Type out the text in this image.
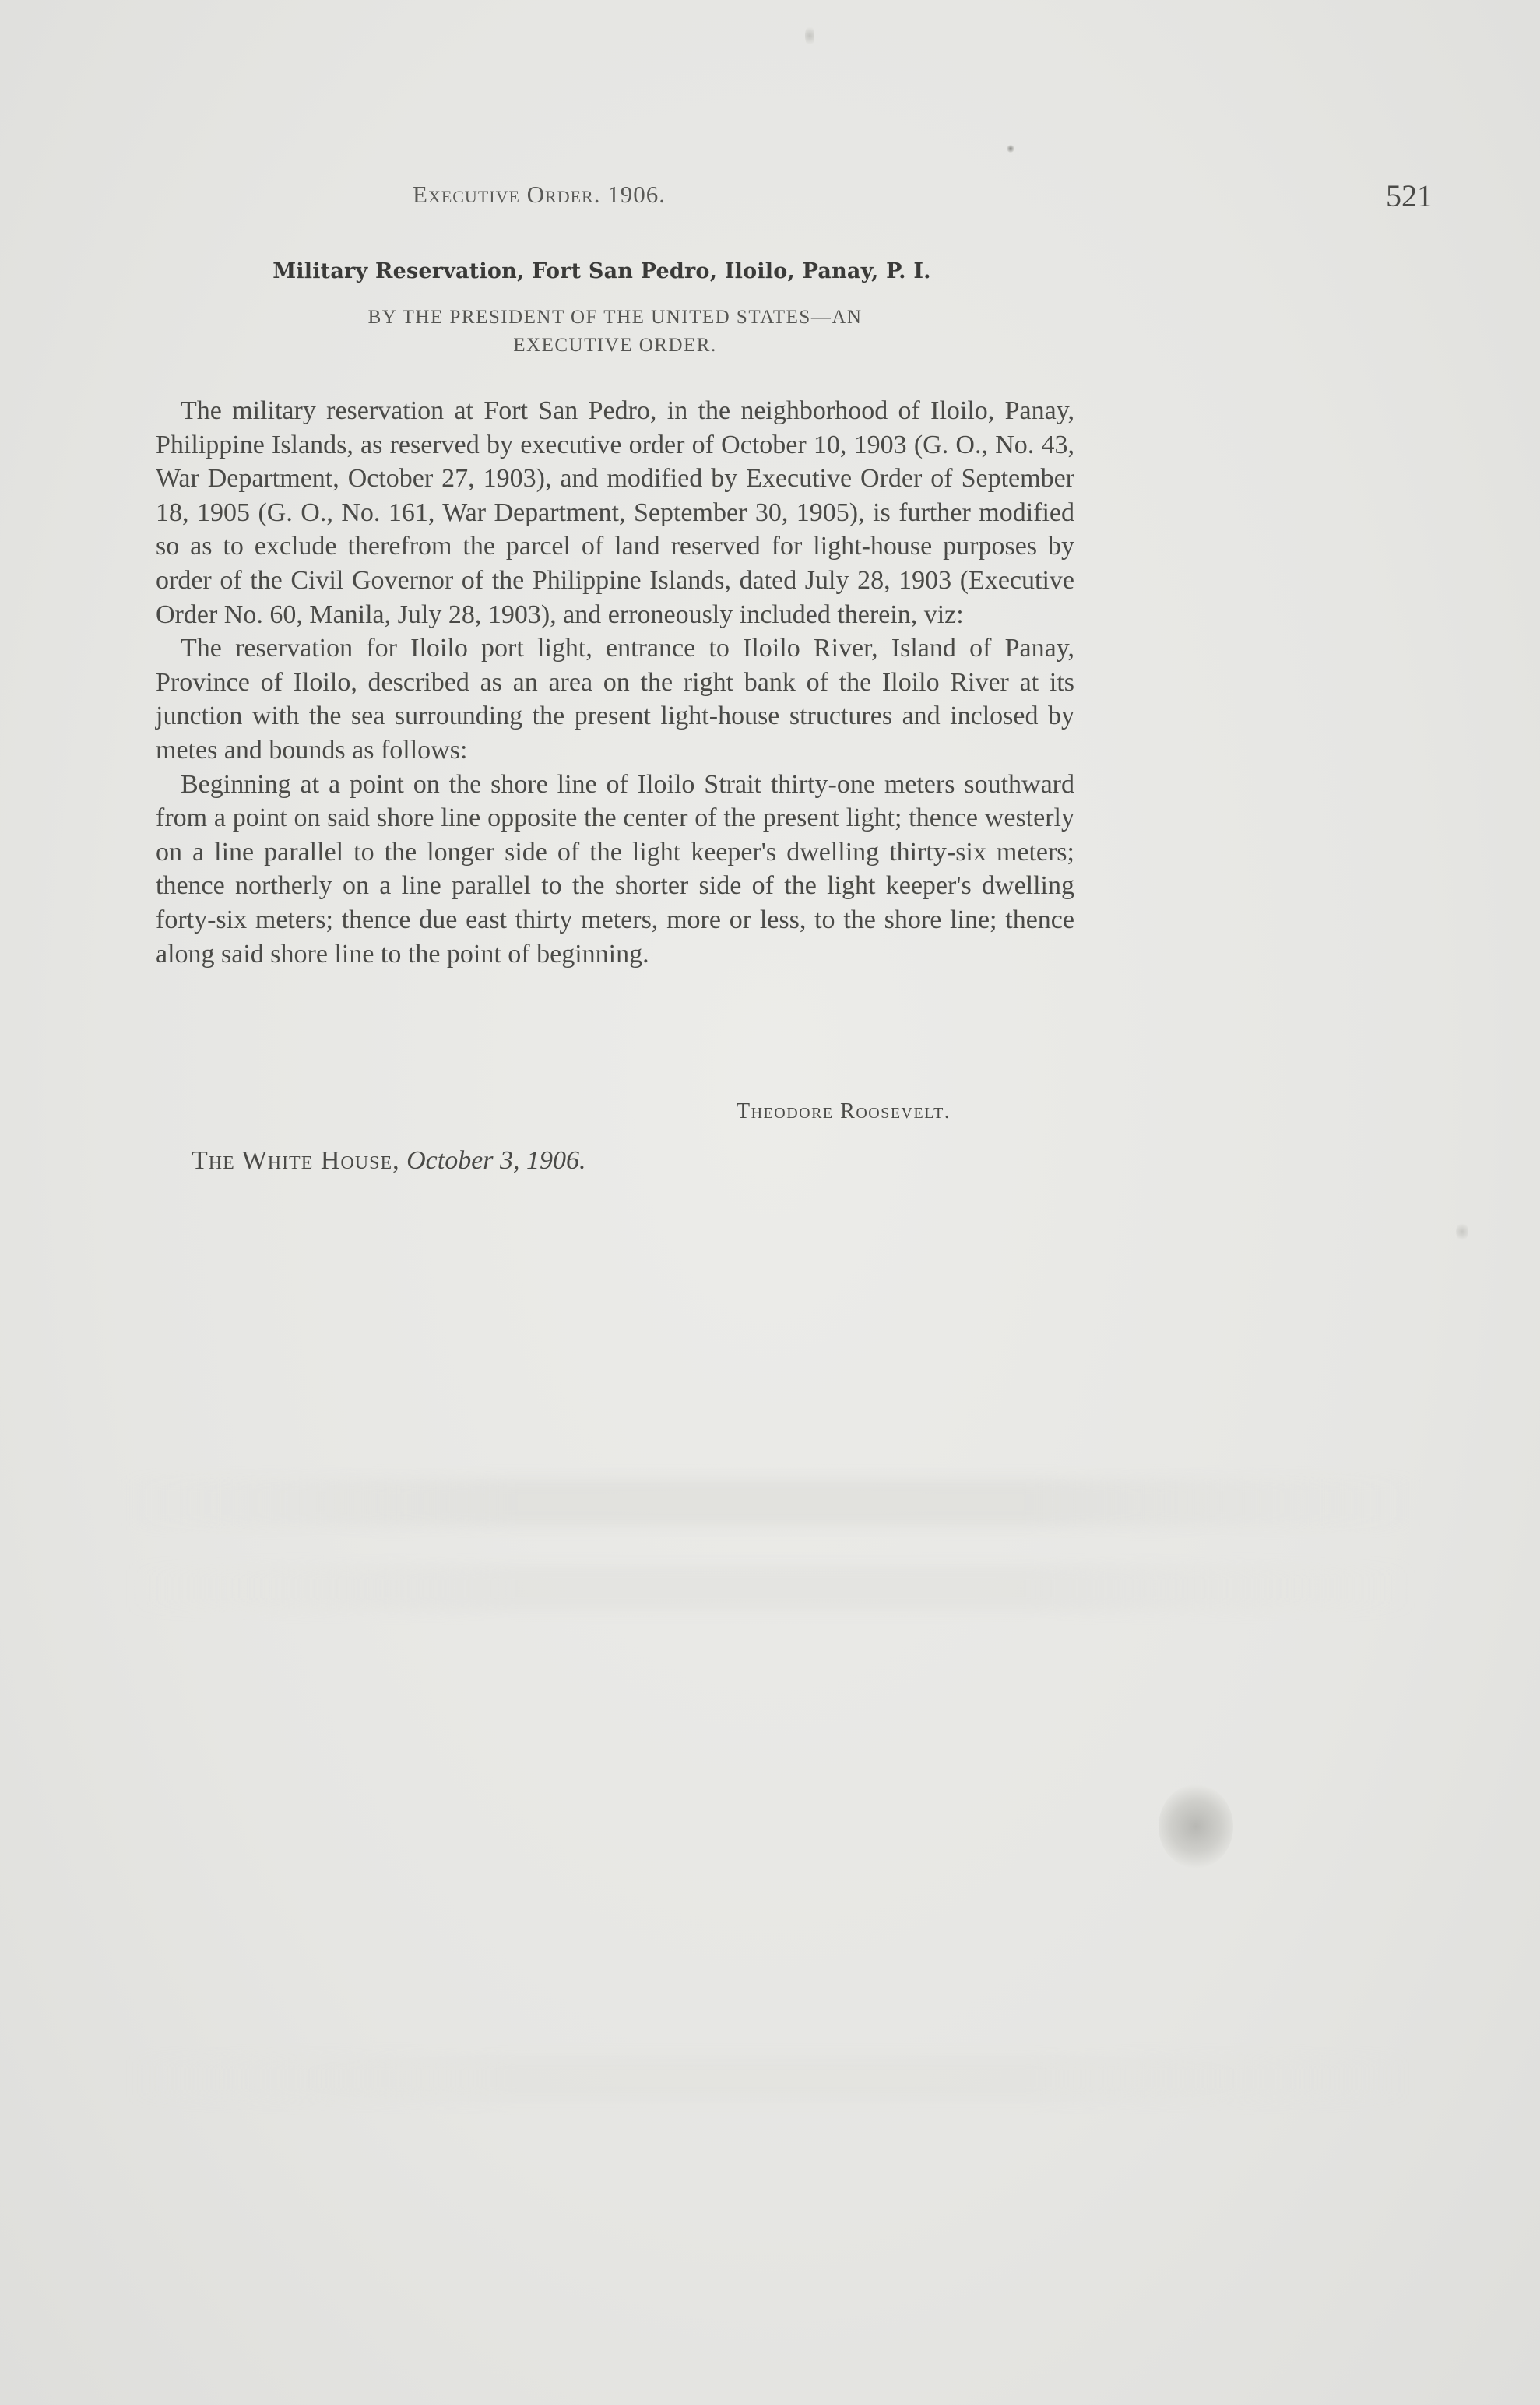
Executive Order. 1906.	521
Military Reservation, Fort San Pedro, Iloilo, Panay, P. I.
BY THE PRESIDENT OF THE UNITED STATES—AN
EXECUTIVE ORDER.

The military reservation at Fort San Pedro, in the neighborhood of Iloilo, Panay, Philippine Islands, as reserved by executive order of October 10, 1903 (G. O., No. 43, War Department, October 27, 1903), and modified by Executive Order of September 18, 1905 (G. O., No. 161, War Department, September 30, 1905), is further modified so as to exclude therefrom the parcel of land reserved for light-house purposes by order of the Civil Governor of the Philippine Islands, dated July 28, 1903 (Executive Order No. 60, Manila, July 28, 1903), and erroneously included therein, viz:

The reservation for Iloilo port light, entrance to Iloilo River, Island of Panay, Province of Iloilo, described as an area on the right bank of the Iloilo River at its junction with the sea surrounding the present light-house structures and inclosed by metes and bounds as follows:

Beginning at a point on the shore line of Iloilo Strait thirty-one meters southward from a point on said shore line opposite the center of the present light; thence westerly on a line parallel to the longer side of the light keeper's dwelling thirty-six meters; thence northerly on a line parallel to the shorter side of the light keeper's dwelling forty-six meters; thence due east thirty meters, more or less, to the shore line; thence along said shore line to the point of beginning.

Theodore Roosevelt.
The White House, October 3, 1906.
